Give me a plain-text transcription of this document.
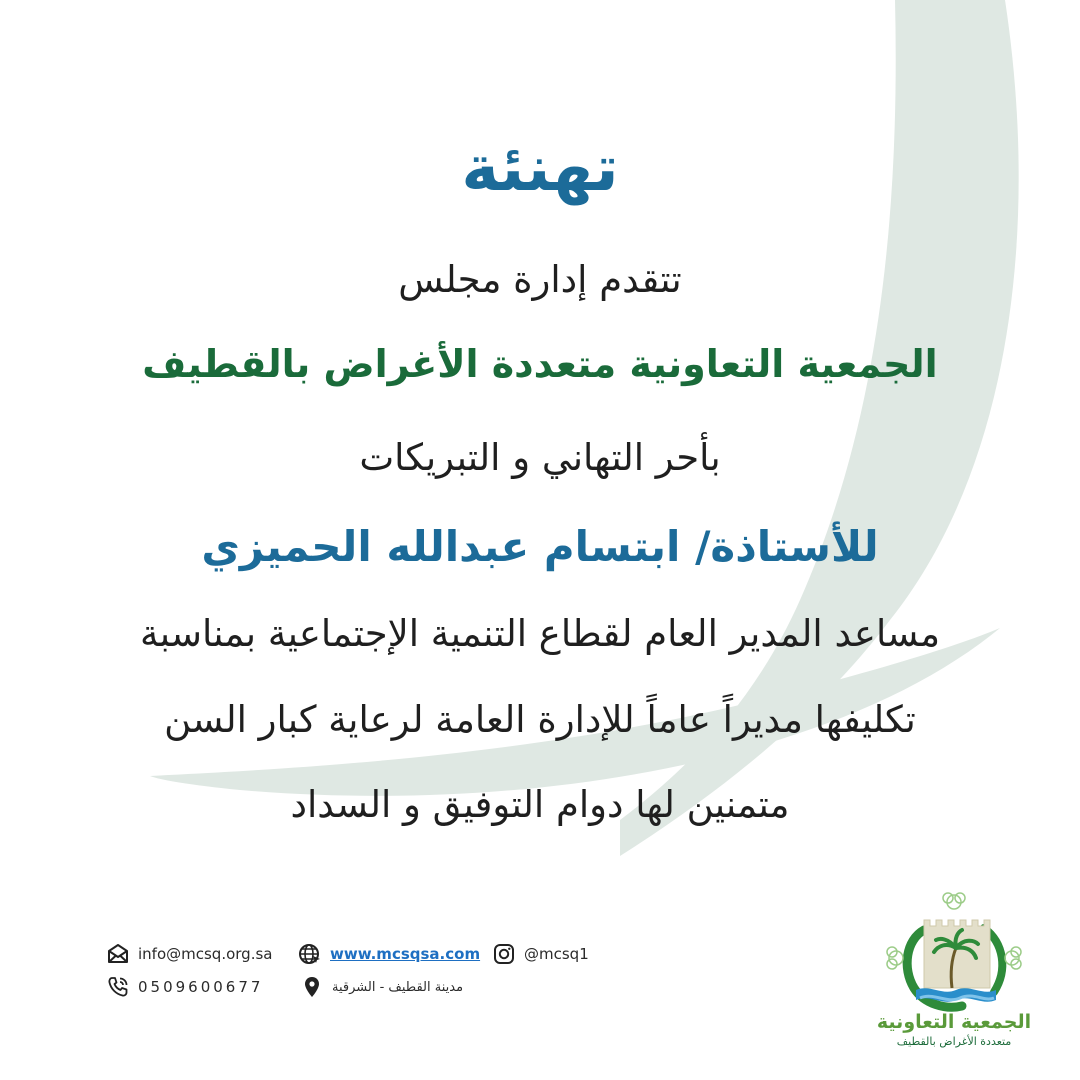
تهنئة
تتقدم إدارة مجلس
الجمعية التعاونية متعددة الأغراض بالقطيف
بأحر التهاني و التبريكات
للأستاذة/ ابتسام عبدالله الحميزي
مساعد المدير العام لقطاع التنمية الإجتماعية بمناسبة
تكليفها مديراً عاماً للإدارة العامة لرعاية كبار السن
متمنين لها دوام التوفيق و السداد
info@mcsq.org.sa	www.mcsqsa.com	@mcsq1
0509600677	مدينة القطيف - الشرقية
الجمعية التعاونية
متعددة الأغراض بالقطيف
